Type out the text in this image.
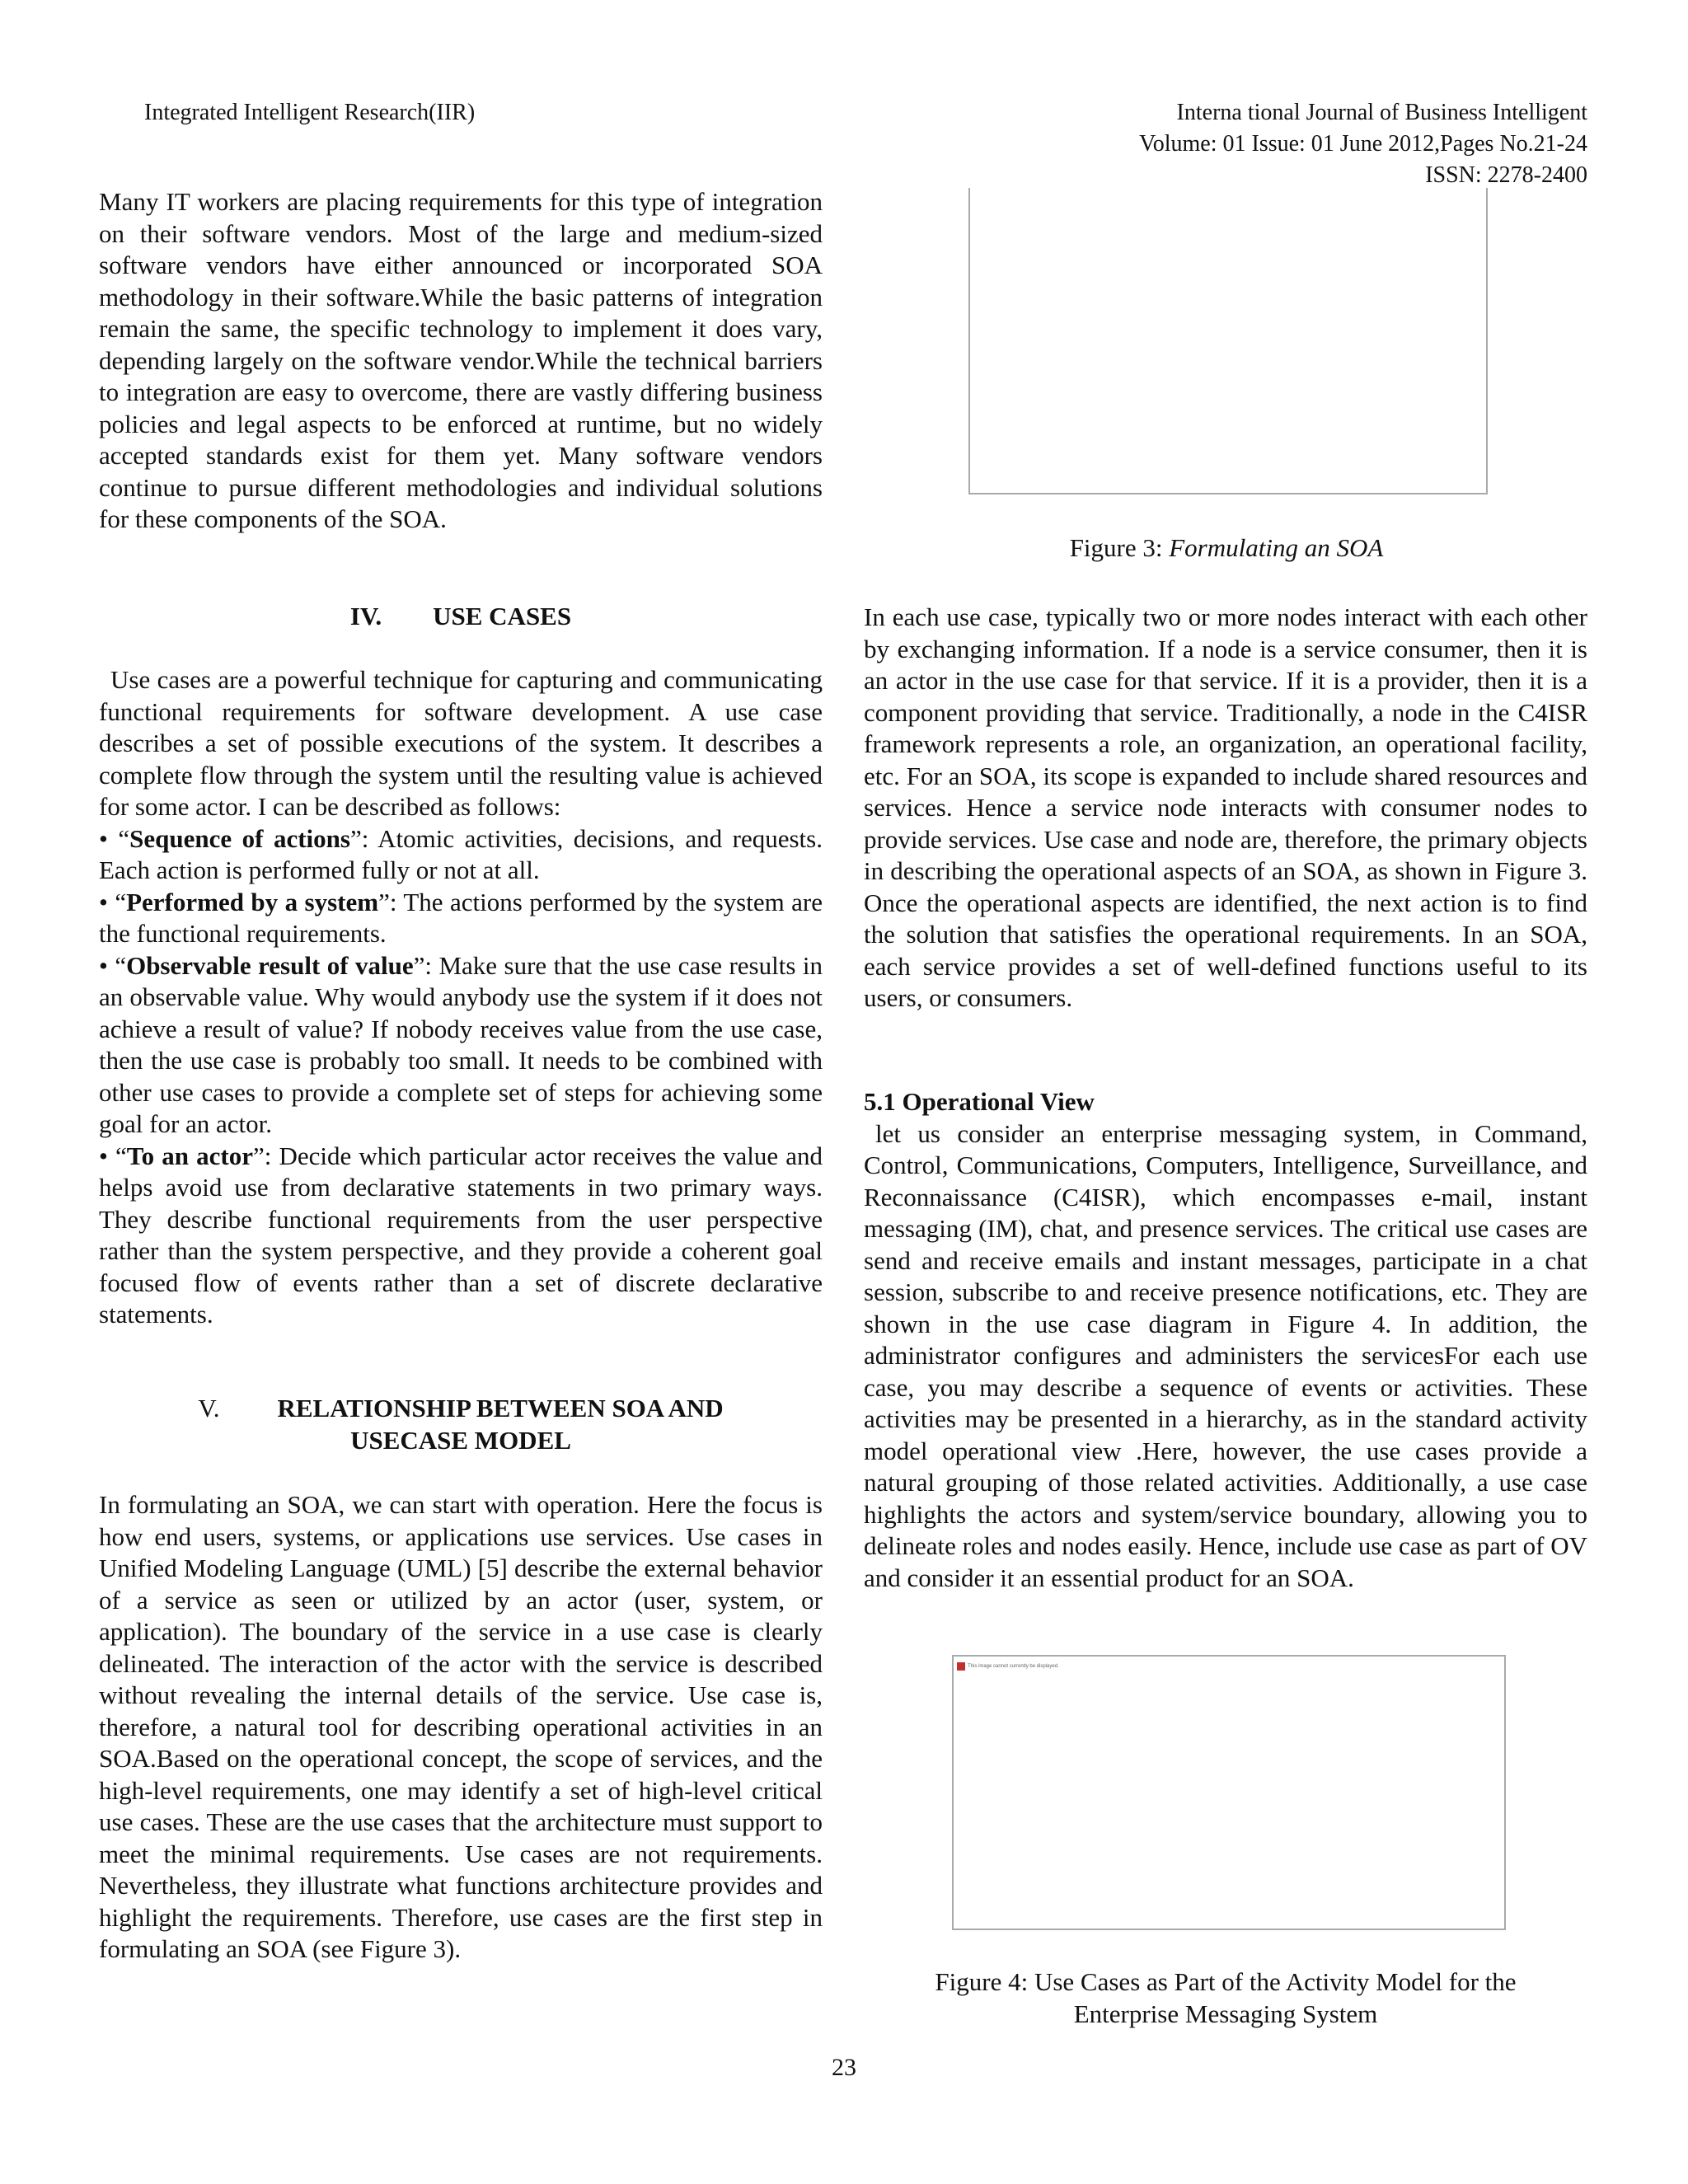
Integrated Intelligent Research(IIR)	Interna tional Journal of Business Intelligent
Volume: 01 Issue: 01 June 2012,Pages No.21-24
ISSN: 2278-2400

Many IT workers are placing requirements for this type of integration on their software vendors. Most of the large and medium-sized software vendors have either announced or incorporated SOA methodology in their software.While the basic patterns of integration remain the same, the specific technology to implement it does vary, depending largely on the software vendor.While the technical barriers to integration are easy to overcome, there are vastly differing business policies and legal aspects to be enforced at runtime, but no widely accepted standards exist for them yet. Many software vendors continue to pursue different methodologies and individual solutions for these components of the SOA.

IV. USE CASES

Use cases are a powerful technique for capturing and communicating functional requirements for software development. A use case describes a set of possible executions of the system. It describes a complete flow through the system until the resulting value is achieved for some actor. I can be described as follows:

• “Sequence of actions”: Atomic activities, decisions, and requests. Each action is performed fully or not at all.

• “Performed by a system”: The actions performed by the system are the functional requirements.

• “Observable result of value”: Make sure that the use case results in an observable value. Why would anybody use the system if it does not achieve a result of value? If nobody receives value from the use case, then the use case is probably too small. It needs to be combined with other use cases to provide a complete set of steps for achieving some goal for an actor.

• “To an actor”: Decide which particular actor receives the value and helps avoid use from declarative statements in two primary ways. They describe functional requirements from the user perspective rather than the system perspective, and they provide a coherent goal focused flow of events rather than a set of discrete declarative statements.

V. RELATIONSHIP BETWEEN SOA AND
USECASE MODEL

In formulating an SOA, we can start with operation. Here the focus is how end users, systems, or applications use services. Use cases in Unified Modeling Language (UML) [5] describe the external behavior of a service as seen or utilized by an actor (user, system, or application). The boundary of the service in a use case is clearly delineated. The interaction of the actor with the service is described without revealing the internal details of the service. Use case is, therefore, a natural tool for describing operational activities in an SOA.Based on the operational concept, the scope of services, and the high-level requirements, one may identify a set of high-level critical use cases. These are the use cases that the architecture must support to meet the minimal requirements. Use cases are not requirements. Nevertheless, they illustrate what functions architecture provides and highlight the requirements. Therefore, use cases are the first step in formulating an SOA (see Figure 3).

Figure 3: Formulating an SOA

In each use case, typically two or more nodes interact with each other by exchanging information. If a node is a service consumer, then it is an actor in the use case for that service. If it is a provider, then it is a component providing that service. Traditionally, a node in the C4ISR framework represents a role, an organization, an operational facility, etc. For an SOA, its scope is expanded to include shared resources and services. Hence a service node interacts with consumer nodes to provide services. Use case and node are, therefore, the primary objects in describing the operational aspects of an SOA, as shown in Figure 3. Once the operational aspects are identified, the next action is to find the solution that satisfies the operational requirements. In an SOA, each service provides a set of well-defined functions useful to its users, or consumers.

5.1 Operational View

let us consider an enterprise messaging system, in Command, Control, Communications, Computers, Intelligence, Surveillance, and Reconnaissance (C4ISR), which encompasses e-mail, instant messaging (IM), chat, and presence services. The critical use cases are send and receive emails and instant messages, participate in a chat session, subscribe to and receive presence notifications, etc. They are shown in the use case diagram in Figure 4. In addition, the administrator configures and administers the servicesFor each use case, you may describe a sequence of events or activities. These activities may be presented in a hierarchy, as in the standard activity model operational view .Here, however, the use cases provide a natural grouping of those related activities. Additionally, a use case highlights the actors and system/service boundary, allowing you to delineate roles and nodes easily. Hence, include use case as part of OV and consider it an essential product for an SOA.

This image cannot currently be displayed.
Figure 4: Use Cases as Part of the Activity Model for the
Enterprise Messaging System
23
